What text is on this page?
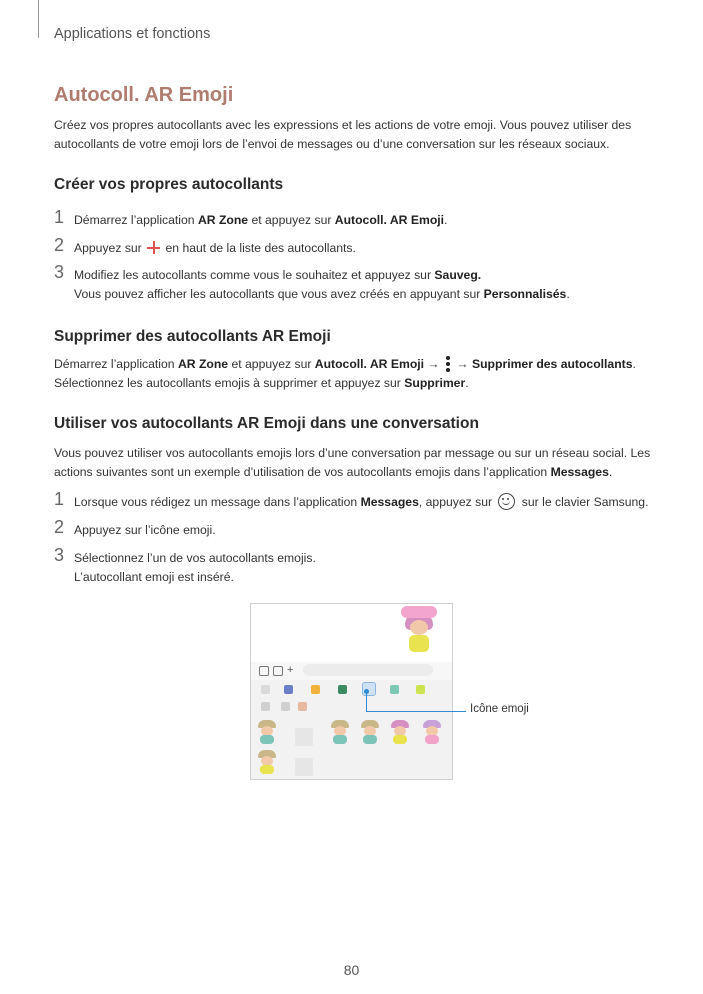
Applications et fonctions
Autocoll. AR Emoji
Créez vos propres autocollants avec les expressions et les actions de votre emoji. Vous pouvez utiliser des autocollants de votre emoji lors de l’envoi de messages ou d’une conversation sur les réseaux sociaux.
Créer vos propres autocollants
1 Démarrez l’application AR Zone et appuyez sur Autocoll. AR Emoji.
2 Appuyez sur  en haut de la liste des autocollants.
3 Modifiez les autocollants comme vous le souhaitez et appuyez sur Sauveg.
Vous pouvez afficher les autocollants que vous avez créés en appuyant sur Personnalisés.
Supprimer des autocollants AR Emoji
Démarrez l’application AR Zone et appuyez sur Autocoll. AR Emoji →
→ Supprimer des autocollants.
Sélectionnez les autocollants emojis à supprimer et appuyez sur Supprimer.
Utiliser vos autocollants AR Emoji dans une conversation
Vous pouvez utiliser vos autocollants emojis lors d’une conversation par message ou sur un réseau social. Les actions suivantes sont un exemple d’utilisation de vos autocollants emojis dans l’application Messages.
1 Lorsque vous rédigez un message dans l’application Messages, appuyez sur  sur le clavier Samsung.
2 Appuyez sur l’icône emoji.
3 Sélectionnez l’un de vos autocollants emojis.
L’autocollant emoji est inséré.
+
Icône emoji
80
